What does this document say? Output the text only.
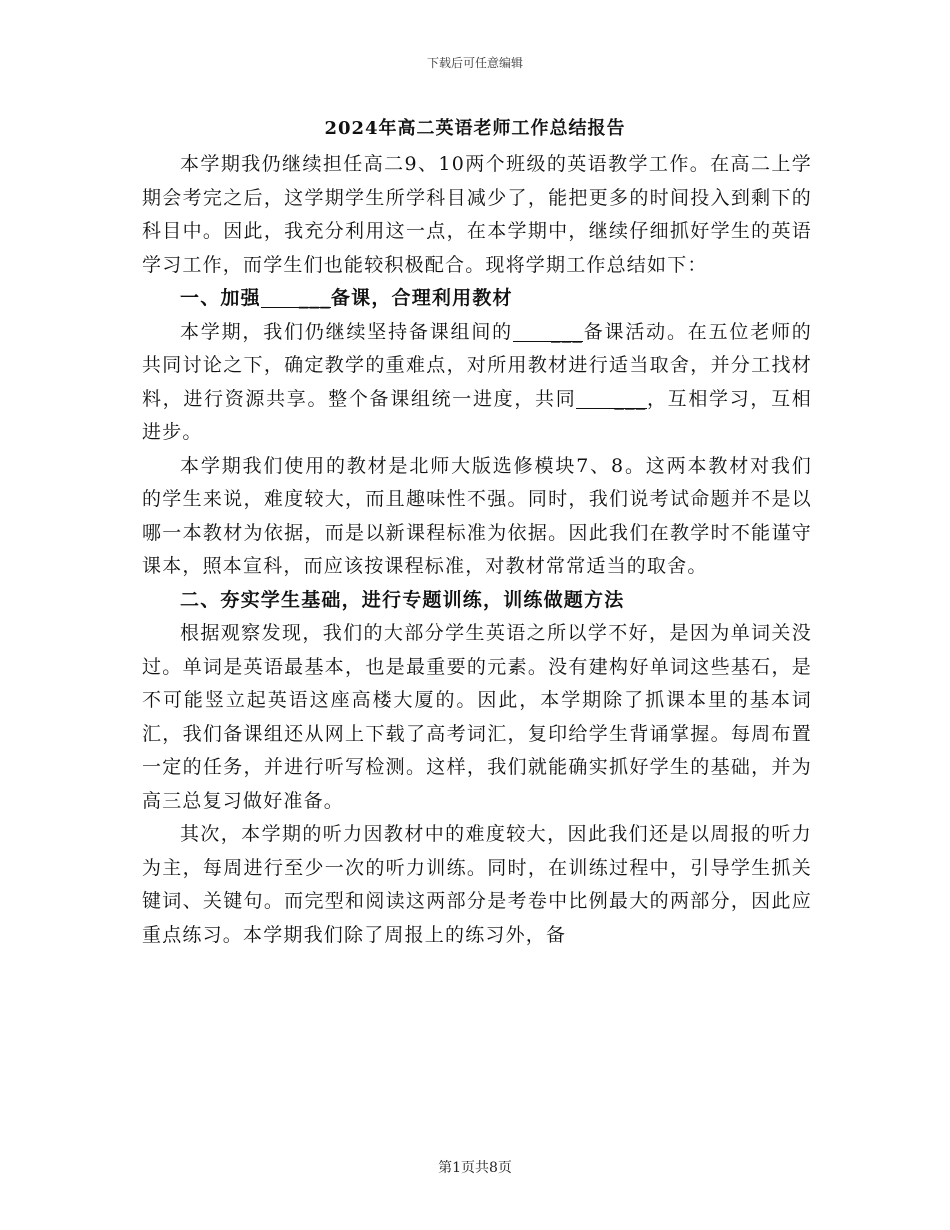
下载后可任意编辑
2024年高二英语老师工作总结报告

本学期我仍继续担任高二9、10两个班级的英语教学工作。在高二上学期会考完之后，这学期学生所学科目减少了，能把更多的时间投入到剩下的科目中。因此，我充分利用这一点，在本学期中，继续仔细抓好学生的英语学习工作，而学生们也能较积极配合。现将学期工作总结如下：

一、加强 ___备课，合理利用教材

本学期，我们仍继续坚持备课组间的 ___备课活动。在五位老师的共同讨论之下，确定教学的重难点，对所用教材进行适当取舍，并分工找材料，进行资源共享。整个备课组统一进度，共同 ___，互相学习，互相进步。

本学期我们使用的教材是北师大版选修模块7、8。这两本教材对我们的学生来说，难度较大，而且趣味性不强。同时，我们说考试命题并不是以哪一本教材为依据，而是以新课程标准为依据。因此我们在教学时不能谨守课本，照本宣科，而应该按课程标准，对教材常常适当的取舍。

二、夯实学生基础，进行专题训练，训练做题方法

根据观察发现，我们的大部分学生英语之所以学不好，是因为单词关没过。单词是英语最基本，也是最重要的元素。没有建构好单词这些基石，是不可能竖立起英语这座高楼大厦的。因此，本学期除了抓课本里的基本词汇，我们备课组还从网上下载了高考词汇，复印给学生背诵掌握。每周布置一定的任务，并进行听写检测。这样，我们就能确实抓好学生的基础，并为高三总复习做好准备。

其次，本学期的听力因教材中的难度较大，因此我们还是以周报的听力为主，每周进行至少一次的听力训练。同时，在训练过程中，引导学生抓关键词、关键句。而完型和阅读这两部分是考卷中比例最大的两部分，因此应重点练习。本学期我们除了周报上的练习外，备

第1页共8页
